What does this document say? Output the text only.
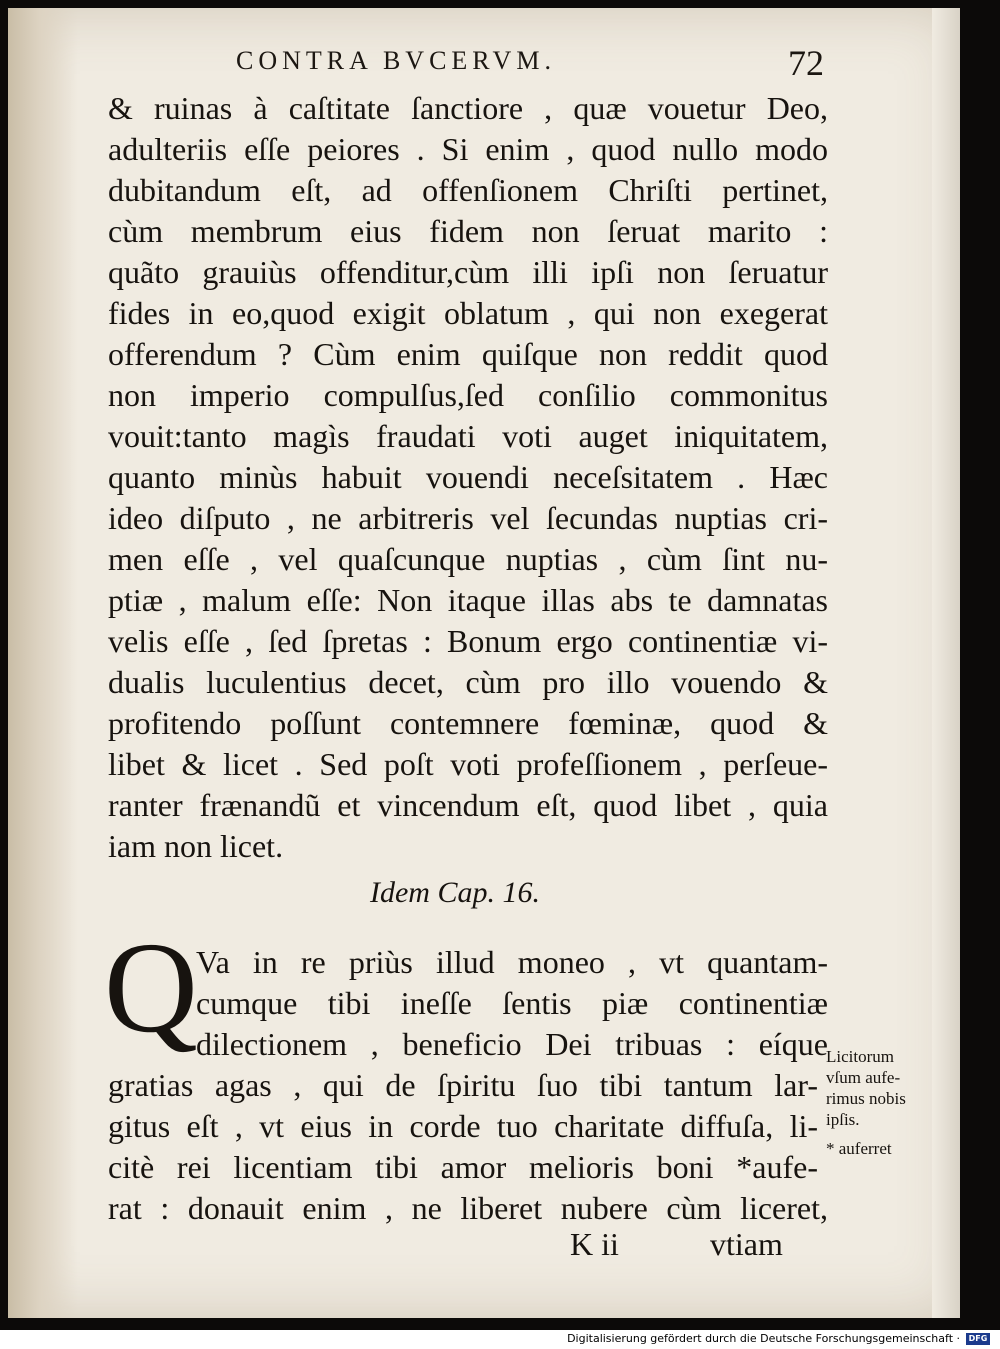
CONTRA BVCERVM.	72
& ruinas à caſtitate ſanctiore , quæ vouetur Deo,
adulteriis eſſe peiores . Si enim , quod nullo modo
dubitandum eſt, ad offenſionem Chriſti pertinet,
cùm membrum eius fidem non ſeruat marito :
quãto grauiùs offenditur,cùm illi ipſi non ſeruatur
fides in eo,quod exigit oblatum , qui non exegerat
offerendum ? Cùm enim quiſque non reddit quod
non imperio compulſus,ſed conſilio commonitus
vouit:tanto magìs fraudati voti auget iniquitatem,
quanto minùs habuit vouendi neceſsitatem . Hæc
ideo diſputo , ne arbitreris vel ſecundas nuptias cri-
men eſſe , vel quaſcunque nuptias , cùm ſint nu-
ptiæ , malum eſſe: Non itaque illas abs te damnatas
velis eſſe , ſed ſpretas : Bonum ergo continentiæ vi-
dualis luculentius decet, cùm pro illo vouendo &
profitendo poſſunt contemnere fœminæ, quod &
libet & licet . Sed poſt voti profeſſionem , perſeue-
ranter frænandũ et vincendum eſt, quod libet , quia
iam non licet.
Idem Cap. 16.
Q
Va in re priùs illud moneo , vt quantam-
cumque tibi ineſſe ſentis piæ continentiæ
dilectionem , beneficio Dei tribuas : eíque
gratias agas , qui de ſpiritu ſuo tibi tantum lar-
gitus eſt , vt eius in corde tuo charitate diffuſa, li-
citè rei licentiam tibi amor melioris boni *aufe-
rat : donauit enim , ne liberet nubere cùm liceret,
K ii	vtiam
Licitorum
vſum aufe-
rimus nobis
ipſis.
* auferret
Digitalisierung gefördert durch die Deutsche Forschungsgemeinschaft ·	DFG
